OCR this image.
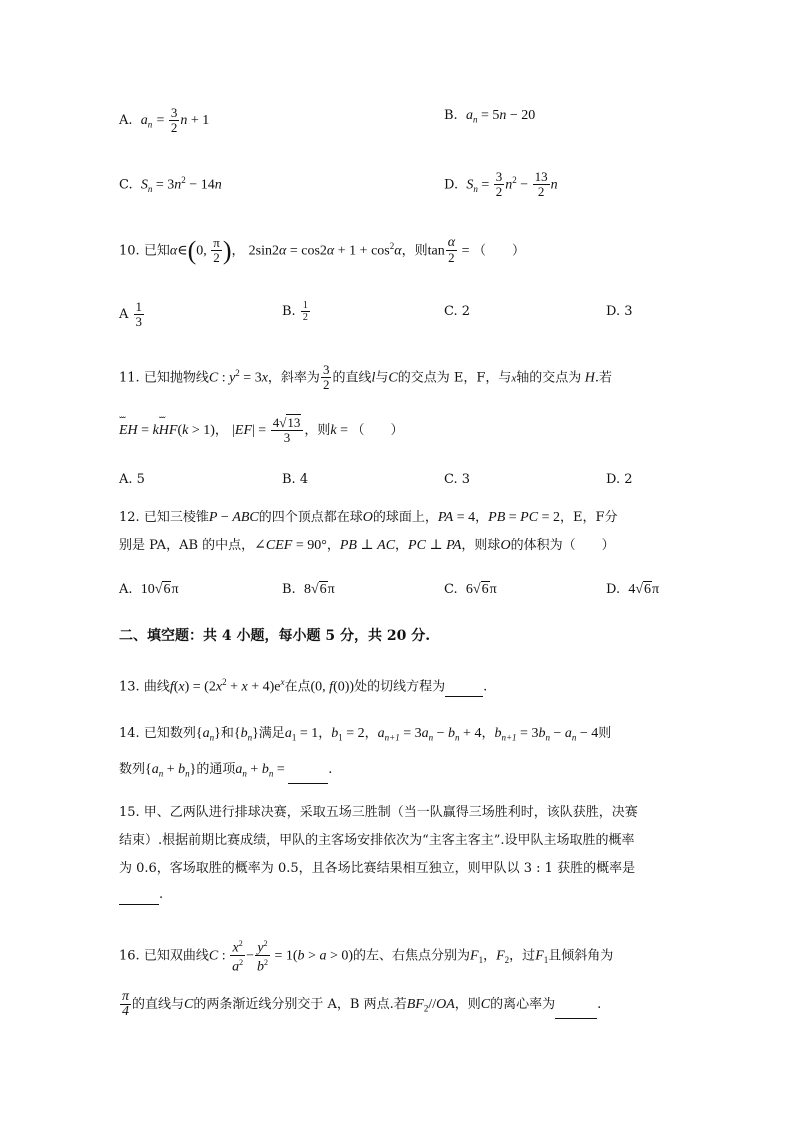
A. $a_n = \frac{3}{2}$ n + 1	B. $a_n = 5n - 20$
C. $S_n = 3n^2 - 14n$	D. $S_n = \frac{3}{2} n^2 - \frac{13}{2}$ n
10. 已知α∈(0, $\frac{\pi}{2}$ )， $2\sin 2\alpha = \cos 2\alpha + 1 + \cos^2\alpha$，则$\tan \frac{\alpha}{2}$ = （　　）
A $\frac{1}{3}$	B. $\frac{1}{2}$	C. 2	D. 3
11. 已知抛物线C : $y^2 = 3x$，斜率为 $\frac{3}{2}$ 的直线l与C的交点为 E，F，与x轴的交点为 H.若
ˇˇˇ EH = kˇˇˇ HF(k > 1)， $|EF| = \frac{4√13}{3}$ ，则k = （　　）
A. 5	B. 4	C. 3	D. 2
12. 已知三棱锥P − ABC的四个顶点都在球O的球面上，PA = 4，PB = PC = 2，E，F分
别是 PA，AB 的中点，∠CEF = 90°，PB ⊥ AC，PC ⊥ PA，则球O的体积为（　　）
A. 10√6π	B. 8√6π	C. 6√6π	D. 4√6π
二、填空题：共 4 小题，每小题 5 分，共 20 分.
13. 曲线$f(x) = (2x^2 + x + 4)e^x$在点(0, f(0))处的切线方程为	.
14. 已知数列$\{a_n\}$和$\{b_n\}$满足$a_1 = 1$，$b_1 = 2$，$a_{n+1} = 3a_n - b_n + 4$，$b_{n+1} = 3b_n - a_n - 4$则
数列$\{a_n + b_n\}$的通项$a_n + b_n$ =	.
15. 甲、乙两队进行排球决赛，采取五场三胜制（当一队赢得三场胜利时，该队获胜，决赛
结束）.根据前期比赛成绩，甲队的主客场安排依次为“主客主客主”.设甲队主场取胜的概率
为 0.6，客场取胜的概率为 0.5，且各场比赛结果相互独立，则甲队以 3 : 1 获胜的概率是
.
16. 已知双曲线C : $\frac{x^2}{a^2} - \frac{y^2}{b^2} = 1(b > a > 0)$的左、右焦点分别为$F_1$，$F_2$，过$F_1$且倾斜角为
$\frac{\pi}{4}$ 的直线与C的两条渐近线分别交于 A，B 两点.若$BF_2//OA$，则C的离心率为	.
